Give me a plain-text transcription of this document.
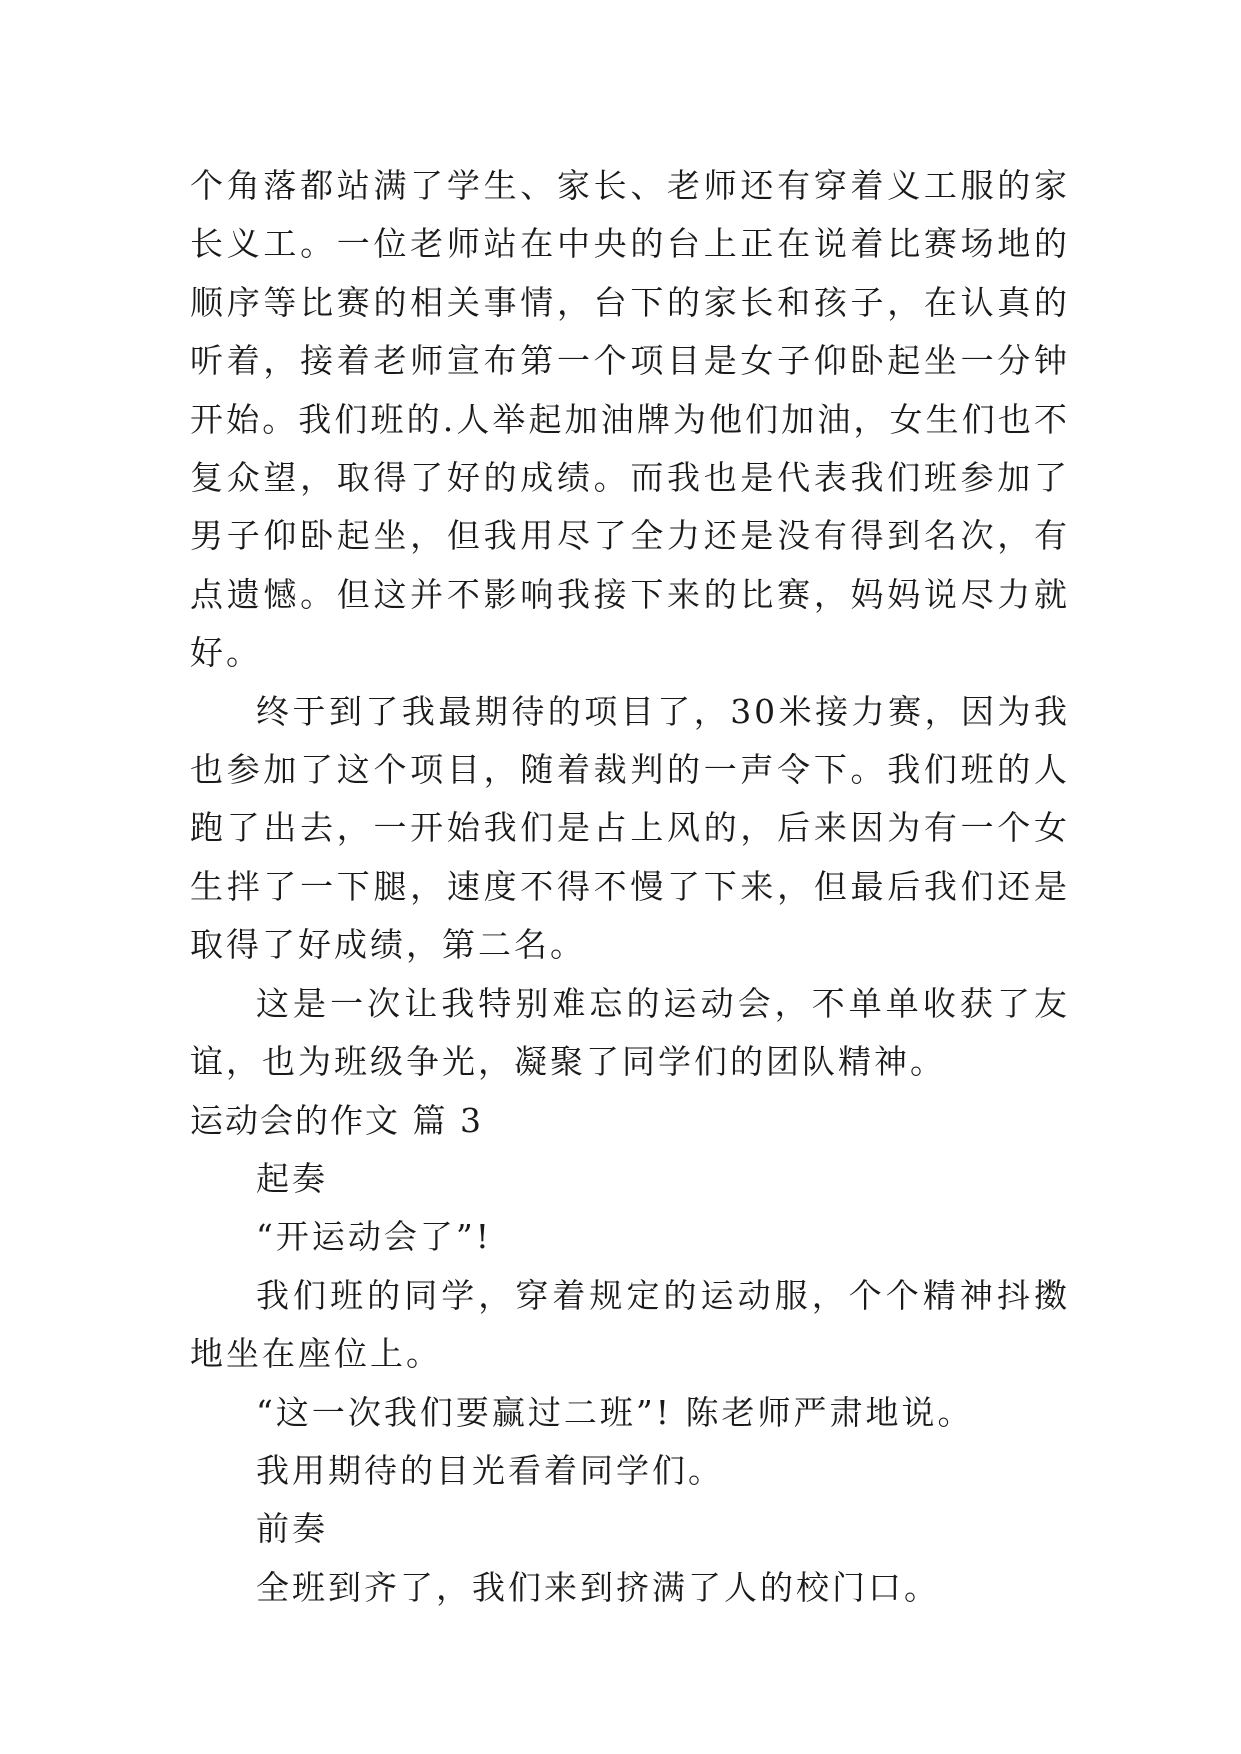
个角落都站满了学生、家长、老师还有穿着义工服的家长义工。一位老师站在中央的台上正在说着比赛场地的顺序等比赛的相关事情，台下的家长和孩子，在认真的听着，接着老师宣布第一个项目是女子仰卧起坐一分钟开始。我们班的.人举起加油牌为他们加油，女生们也不复众望，取得了好的成绩。而我也是代表我们班参加了男子仰卧起坐，但我用尽了全力还是没有得到名次，有点遗憾。但这并不影响我接下来的比赛，妈妈说尽力就好。

终于到了我最期待的项目了，30米接力赛，因为我也参加了这个项目，随着裁判的一声令下。我们班的人跑了出去，一开始我们是占上风的，后来因为有一个女生拌了一下腿，速度不得不慢了下来，但最后我们还是取得了好成绩，第二名。

这是一次让我特别难忘的运动会，不单单收获了友谊，也为班级争光，凝聚了同学们的团队精神。

运动会的作文 篇 3

起奏

“开运动会了”!

我们班的同学，穿着规定的运动服，个个精神抖擞地坐在座位上。

“这一次我们要赢过二班”! 陈老师严肃地说。

我用期待的目光看着同学们。

前奏

全班到齐了，我们来到挤满了人的校门口。
